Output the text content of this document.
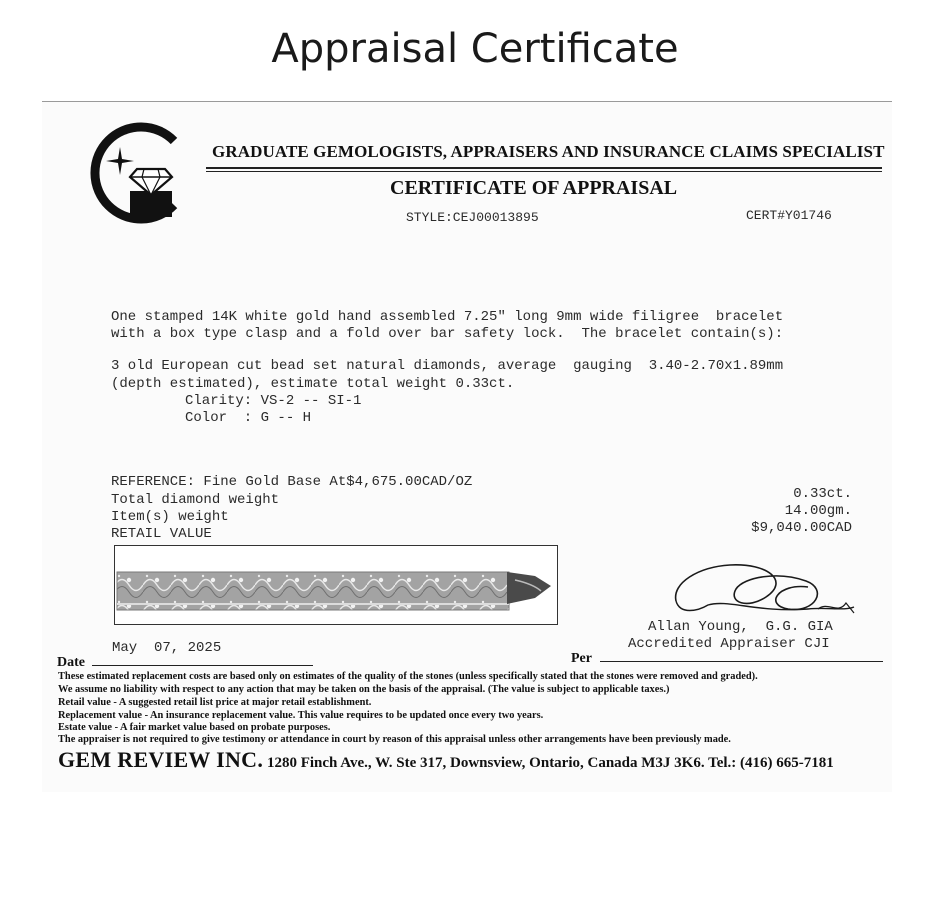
Appraisal Certificate
GRADUATE GEMOLOGISTS, APPRAISERS AND INSURANCE CLAIMS SPECIALIST
CERTIFICATE OF APPRAISAL
STYLE:CEJ00013895	CERT#Y01746
One stamped 14K white gold hand assembled 7.25" long 9mm wide filigree  bracelet
with a box type clasp and a fold over bar safety lock.  The bracelet contain(s):
3 old European cut bead set natural diamonds, average  gauging  3.40-2.70x1.89mm
(depth estimated), estimate total weight 0.33ct.
Clarity: VS-2 -- SI-1
Color  : G -- H
REFERENCE: Fine Gold Base At$4,675.00CAD/OZ
Total diamond weight
Item(s) weight
RETAIL VALUE
0.33ct.
14.00gm.
$9,040.00CAD
Allan Young,  G.G. GIA
Accredited Appraiser CJI
May  07, 2025
Date	Per
These estimated replacement costs are based only on estimates of the quality of the stones (unless specifically stated that the stones were removed and graded).
We assume no liability with respect to any action that may be taken on the basis of the appraisal. (The value is subject to applicable taxes.)
Retail value - A suggested retail list price at major retail establishment.
Replacement value - An insurance replacement value. This value requires to be updated once every two years.
Estate value - A fair market value based on probate purposes.
The appraiser is not required to give testimony or attendance in court by reason of this appraisal unless other arrangements have been previously made.
GEM REVIEW INC. 1280 Finch Ave., W. Ste 317, Downsview, Ontario, Canada M3J 3K6. Tel.: (416) 665-7181
